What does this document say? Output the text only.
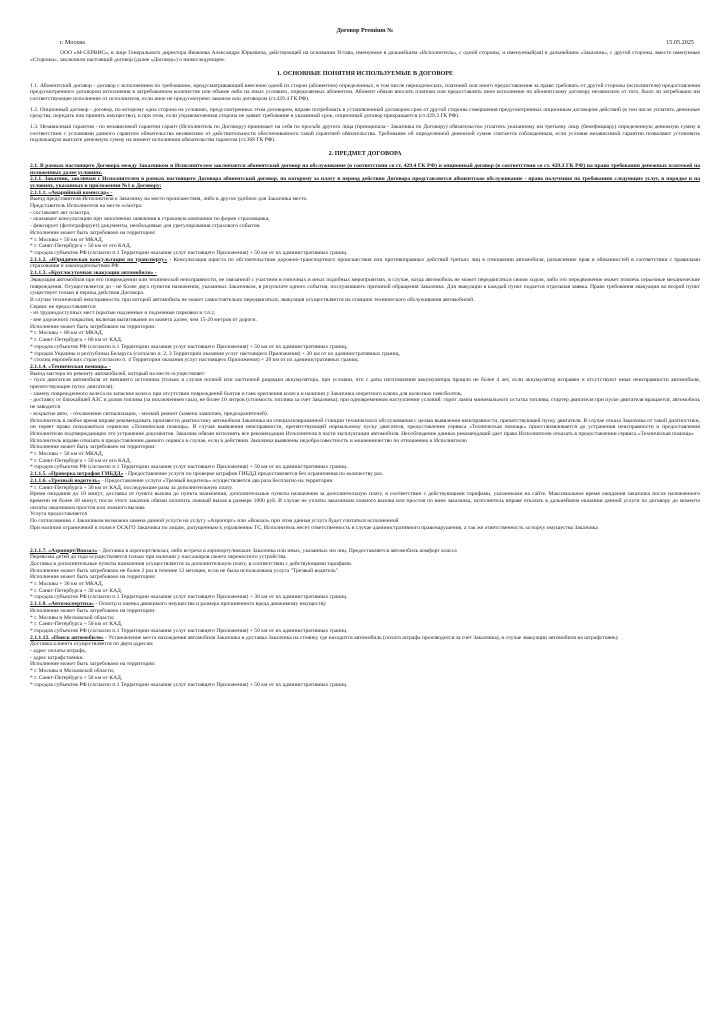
Договор Premium №
г. Москва	15.05.2025
ООО «М-СЕРВИС», в лице Генерального директора Яковлева Александра Юрьевича, действующей на основании Устава, именуемое в дальнейшем «Исполнитель», с одной стороны, и именуемый(ая) в дальнейшем «Заказчик», с другой стороны, вместе именуемые «Стороны», заключили настоящий договор (далее «Договор») о нижеследующем.
1. ОСНОВНЫЕ ПОНЯТИЯ ИСПОЛЬЗУЕМЫЕ В ДОГОВОРЕ

1.1. Абонентский договор - договор с исполнением по требованию, предусматривающий внесение одной из сторон (абонентом) определенных, в том числе периодических, платежей или иного предоставления за право требовать от другой стороны (исполнителя) предоставления предусмотренного договором исполнения в затребованном количестве или объеме либо на иных условиях, определяемых абонентом. Абонент обязан вносить платежи или предоставлять иное исполнение по абонентскому договору независимо от того, было ли затребовано им соответствующее исполнение от исполнителя, если иное не предусмотрено законом или договором (ст.429.4 ГК РФ).

1.2. Опционный договор - договор, по которому одна сторона на условиях, предусмотренных этим договором, вправе потребовать в установленный договором срок от другой стороны совершения предусмотренных опционным договором действий (в том числе уплатить денежные средства, передать или принять имущество), и при этом, если управомоченная сторона не заявит требование в указанный срок, опционный договор прекращается (ст.429.3 ГК РФ).

1.3. Независимая гарантия - по независимой гарантии гарант (Исполнитель по Договору) принимает на себя по просьбе другого лица (принципала - Заказчика по Договору) обязательство уплатить указанному им третьему лицу (бенефициару) определенную денежную сумму в соответствии с условиями данного гарантом обязательства независимо от действительности обеспечиваемого такой гарантией обязательства. Требование об определенной денежной сумме считается соблюденным, если условия независимой гарантии позволяют установить подлежащую выплате денежную сумму на момент исполнения обязательства гарантом (ст.368 ГК РФ).

2. ПРЕДМЕТ ДОГОВОРА

2.1. В рамках настоящего Договора между Заказчиком и Исполнителем заключается абонентский договор на обслуживание (в соответствии со ст. 429.4 ГК РФ) и опционный договор (в соответствии со ст. 429.3 ГК РФ) на право требования денежных платежей на изложенных далее условиях.

2.1.1. Заказчик, заключая с Исполнителем в рамках настоящего Договора абонентский договор, по которому за плату в период действия Договора представляется абонентское обслуживание - право получения по требованию следующих услуг, в порядке и на условиях, указанных в приложении №1 к Договору:

2.1.1.1. «Аварийный комиссар» -
Выезд представителя Исполнителя к Заказчику на место происшествия, либо в другое удобное для Заказчика место.
Представитель Исполнителя на месте осмотра:
- составляет акт осмотра,
- оказывает консультацию при заполнении заявления в страховую компанию по форме страховщика,
- фиксирует (фотографирует) документы, необходимые для урегулирования страхового события.
Исполнение может быть затребовано на территории:
* г. Москвы + 50 км от МКАД,
* г. Санкт-Петербурга + 50 км от его КАД,
* городов субъектов РФ (согласно п.1 Территории оказания услуг настоящего Приложения) + 50 км от их административных границ.
2.1.1.2. «Юридическая консультация по транспорту» - Консультация юриста по обстоятельствам дорожно-транспортного происшествия или противоправных действий третьих лиц в отношении автомобиля, разъяснение прав и обязанностей в соответствии с правилами страхования и законодательством РФ
2.1.1.3. «Круглосуточная эвакуация автомобиля» -
Эвакуация автомобиля при его повреждении или технической неисправности, не связанной с участием в гоночных и иных подобных мероприятиях, в случае, когда автомобиль не может передвигаться своим ходом, либо это передвижение может повлечь серьезные механические повреждения. Осуществляется до - не более двух пунктов назначения, указанных Заказчиком, в результате одного события, послужившего причиной обращения Заказчика. Для эвакуации в каждый пункт подается отдельная заявка. Право требования эвакуации во второй пункт существует только в период действия Договора.
В случае технической неисправности, при которой автомобиль не может самостоятельно передвигаться, эвакуация осуществляется на станцию технического обслуживания автомобилей.
Сервис не предоставляется:
- из труднодоступных мест (крытые надземные и подземные парковки и т.п.);
- вне дорожного покрытия, включая вытягивание из кювета далее, чем 15-20 метров от дороги.
Исполнение может быть затребовано на территории:
* г. Москвы + 80 км от МКАД,
* г. Санкт-Петербурга + 80 км от КАД,
* городов субъектов РФ (согласно п.1 Территории оказания услуг настоящего Приложения) + 50 км от их административных границ,
* городов Украины и республики Беларусь (согласно п. 2, 3 Территории оказания услуг настоящего Приложения) + 20 км от их административных границ,
* столиц европейских стран (согласно п. 4 Территории оказания услуг настоящего Приложения) + 20 км от их административных границ.
2.1.1.4. «Техническая помощь» -
Выезд мастера по ремонту автомобилей, который на месте осуществляет:
- пуск двигателя автомобиля от внешнего источника (только в случае полной или частичной разрядки аккумулятора, при условии, что с даты изготовления аккумулятора прошло не более 4 лет, если аккумулятор исправен и отсутствуют иные неисправности автомобиля, препятствующие пуску двигателя);
- замену поврежденного колеса на запасное колесо при отсутствии повреждений болтов и гаек крепления колеса и наличии у Заказчика секретного ключа для колесных гаек/болтов,
- доставку от ближайшей АЗС и долив топлива (за исключением газа), не более 10 литров (стоимость топлива за счет Заказчика), при одновременном наступлении условий: горит лампа минимального остатка топлива, стартер двигателя при пуске двигателя вращается, автомобиль не заводится
- вскрытие авто, - отключение сигнализации, - мелкий ремонт (замена лампочек, предохранителей).
Исполнитель в любое время вправе рекомендовать произвести диагностику автомобиля Заказчика на специализированной станции технического обслуживания с целью выявления неисправности, препятствующей пуску двигателя. В случае отказа Заказчика от такой диагностики, он теряет право пользоваться сервисом «Техническая помощь». В случае выявления неисправности, препятствующей нормальному пуску двигателя, предоставление сервиса «Техническая помощь» приостанавливается до устранения неисправности и предоставления Исполнителю подтверждающих это устранение документов. Заказчик обязан исполнять все рекомендации Исполнителя в части эксплуатации автомобиля. Несоблюдение данных рекомендаций дает право Исполнителю отказать в предоставлении сервиса «Техническая помощь»
Исполнитель вправе отказать в предоставлении данного сервиса в случае, если в действиях Заказчика выявлены недобросовестность и мошенничество по отношению к Исполнителю
Исполнение может быть затребовано на территории:
* г. Москвы + 50 км от МКАД,
* г. Санкт-Петербурга + 50 км от его КАД,
* городов субъектов РФ (согласно п.1 Территории оказания услуг настоящего Приложения) + 50 км от их административных границ.
2.1.1.5. «Проверка штрафов ГИБДД» - Предоставление услуги по проверке штрафов ГИБДД предоставляется без ограничения по количеству раз.
2.1.1.6. «Трезвый водитель» - Предоставление услуги «Трезвый водитель» осуществляется два раза бесплатно на территории
* г. Санкт-Петербурга + 30 км от КАД, последующие разы за дополнительную плату.
Время ожидания до 10 минут, доставка от пункта вызова до пункта назначения, дополнительные пункты назначения за дополнительную плату, в соответствии с действующими тарифами, указанными на сайте. Максимальное время ожидания заказчика после назначенного времени не более 40 минут, после этого заказчик обязан оплатить ложный вызов в размере 1000 руб. В случае не уплаты заказчиком ложного вызова или простоя по вине заказчика, исполнитель вправе отказать в дальнейшем оказании данной услуги по договору до момента оплаты заказчиком простоя или ложного вызова
Услуга предоставляется
По согласованию с Заказчиком возможна замена данной услуги на услугу «Аэропорт» или «Вокзал» при этом данная услуга будет считаться исполненной
При наличии ограничений в полисе ОСАГО Заказчика по лицам, допущенным к управлению ТС, Исполнитель несет ответственность в случае административного правонарушения, а так же ответственность за порчу имущества Заказчика
2.1.1.7. «Аэропорт/Вокзал» - Доставка в аэропорт/вокзал, либо встреча в аэропорту/вокзале Заказчика или иных, указанных им лиц. Предоставляется автомобиль комфорт класса
Перевозка детей до года осуществляется только при наличии у пассажиров своего переносного устройства.
Доставка в дополнительные пункты назначения осуществляется за дополнительную плату, в соответствии с действующими тарифами.
Исполнение может быть затребовано не более 2 раз в течение 12 месяцев, если не была использована услуга "Трезвый водитель".
Исполнение может быть затребовано на территории:
* г. Москвы + 30 км от МКАД,
* г. Санкт-Петербурга + 30 км от КАД,
* городов субъектов РФ (согласно п.1 Территории оказания услуг настоящего Приложения) + 30 км от их административных границ.
2.1.1.8. «Автоэкспертиза» - Осмотр и оценка движимого имущества и размера причиненного вреда движимому имуществу
Исполнение может быть затребовано на территории:
* г. Москвы и Московской области;
* г. Санкт-Петербурга + 50 км от КАД,
* городов субъектов РФ (согласно п.1 Территории оказания услуг настоящего Приложения) + 50 км от их административных границ.
2.1.1.12. «Поиск автомобиля» - Установление места нахождения автомобиля Заказчика и доставка Заказчика на стоянку где находится автомобиль (оплата штрафа производится за счет Заказчика), в случае эвакуации автомобиля на штрафстоянку
Доставка клиента осуществляется по двум адресам
- адрес оплаты штрафа,
- адрес штрафстоянки.
Исполнение может быть затребовано на территории:
* г. Москвы и Московской области;
* г. Санкт-Петербурга + 50 км от КАД,
* городов субъектов РФ (согласно п.1 Территории оказания услуг настоящего Приложения) + 50 км от их административных границ.
